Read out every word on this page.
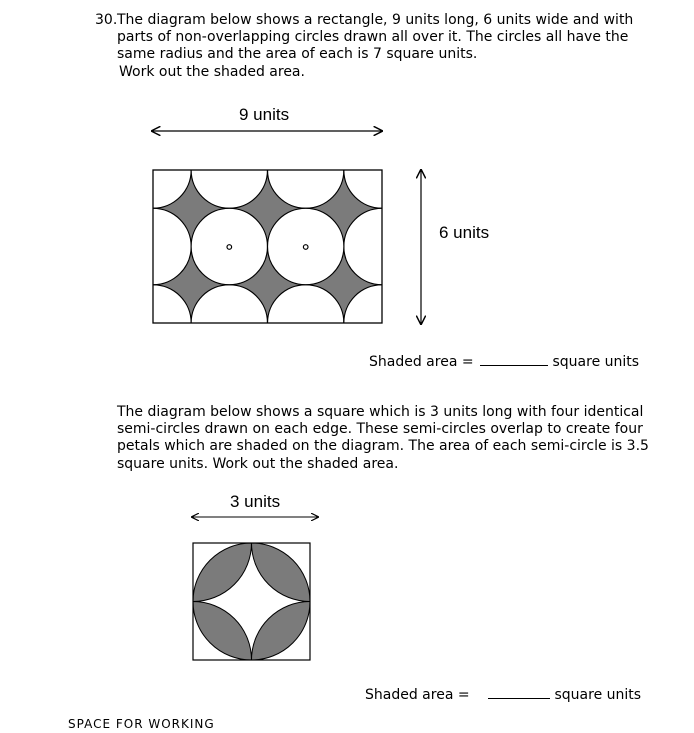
30. The diagram below shows a rectangle, 9 units long, 6 units wide and with
parts of non-overlapping circles drawn all over it. The circles all have the
same radius and the area of each is 7 square units.
Work out the shaded area.
9 units
6 units
Shaded area =	square units
The diagram below shows a square which is 3 units long with four identical
semi-circles drawn on each edge. These semi-circles overlap to create four
petals which are shaded on the diagram. The area of each semi-circle is 3.5
square units. Work out the shaded area.
3 units
Shaded area =	square units
SPACE FOR WORKING
